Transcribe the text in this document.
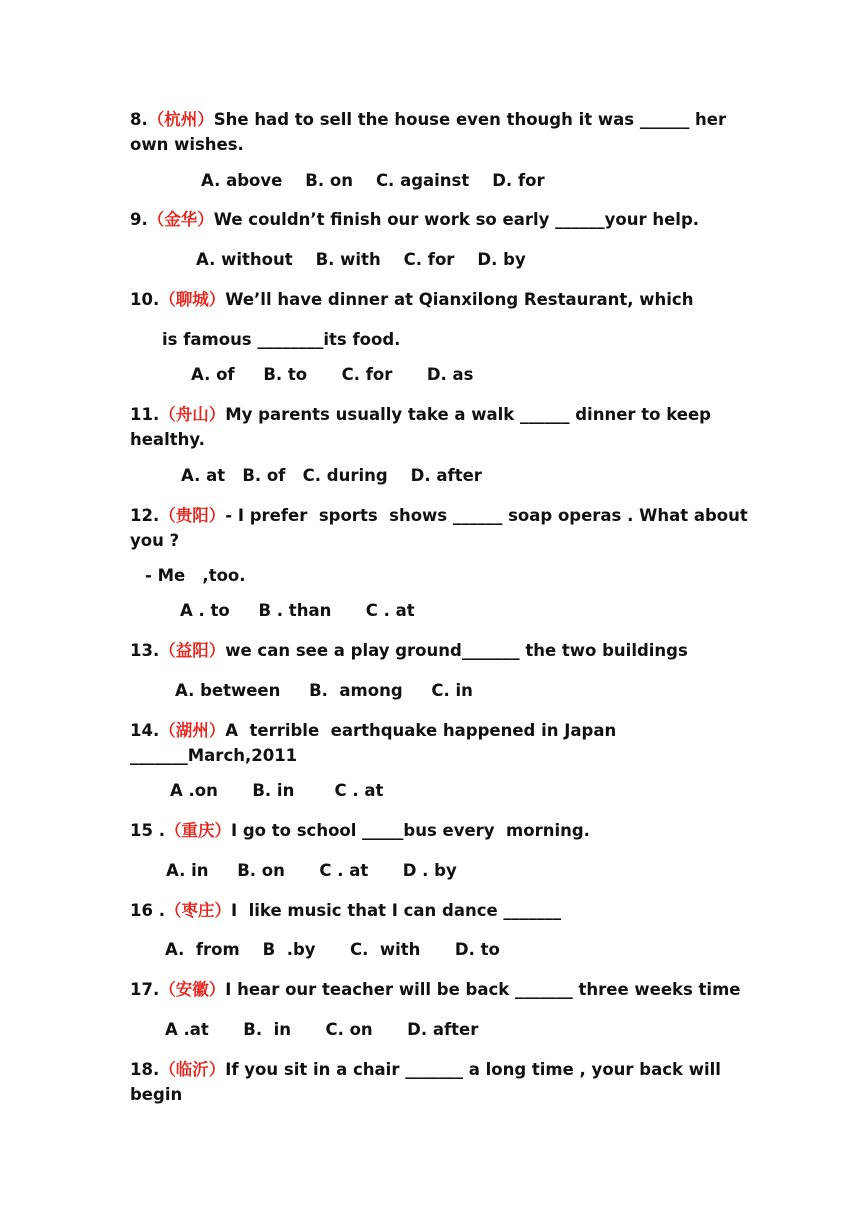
8.（杭州）She had to sell the house even though it was ______ her
own wishes.
A. above    B. on    C. against    D. for
9.（金华）We couldn’t finish our work so early ______your help.
A. without    B. with    C. for    D. by
10.（聊城）We’ll have dinner at Qianxilong Restaurant, which
is famous ________its food.
A. of     B. to      C. for      D. as
11.（舟山）My parents usually take a walk ______ dinner to keep
healthy.
A. at   B. of   C. during    D. after
12.（贵阳）- I prefer  sports  shows ______ soap operas . What about
you ?
- Me   ,too.
A . to     B . than      C . at
13.（益阳）we can see a play ground_______ the two buildings
A. between     B.  among     C. in
14.（湖州）A  terrible  earthquake happened in Japan
_______March,2011
A .on      B. in       C . at
15 .（重庆）I go to school _____bus every  morning.
A. in     B. on      C . at      D . by
16 .（枣庄）I  like music that I can dance _______
A.  from    B  .by      C.  with      D. to
17.（安徽）I hear our teacher will be back _______ three weeks time
A .at      B.  in      C. on      D. after
18.（临沂）If you sit in a chair _______ a long time , your back will
begin
